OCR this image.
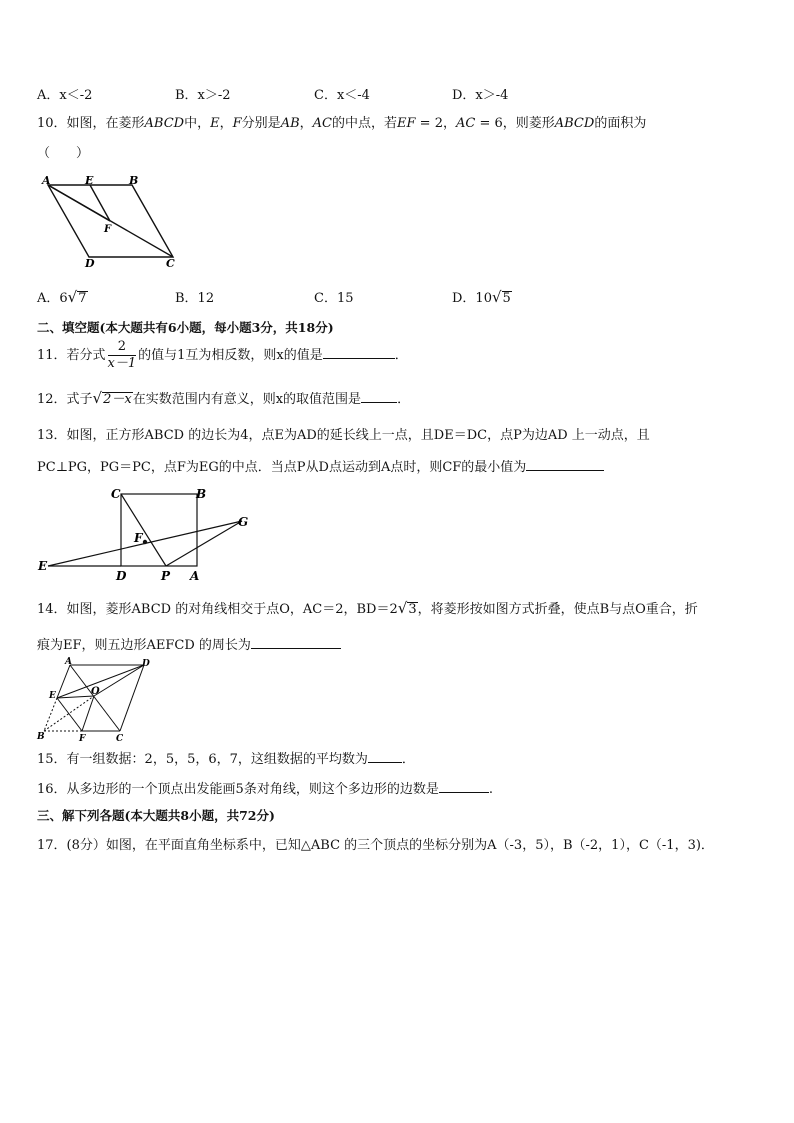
A．x＜-2	B．x＞-2	C．x＜-4	D．x＞-4
10．如图，在菱形ABCD中，E，F分别是AB，AC的中点，若EF = 2，AC = 6，则菱形ABCD的面积为
（　　）
A	E	B
F
D	C
A．6√7	B．12	C．15	D．10√5
二、填空题(本大题共有6小题，每小题3分，共18分)
11．若分式 $\frac{2}{x-1}$ 的值与1互为相反数，则x的值是	．
12．式子√2－x在实数范围内有意义，则x的取值范围是	．
13．如图，正方形ABCD 的边长为4，点E为AD的延长线上一点，且DE＝DC，点P为边AD 上一动点，且
PC⊥PG，PG＝PC，点F为EG的中点．当点P从D点运动到A点时，则CF的最小值为
C	B
G
F
E
D	P A
14．如图，菱形ABCD 的对角线相交于点O，AC＝2，BD＝2√3，将菱形按如图方式折叠，使点B与点O重合，折
痕为EF，则五边形AEFCD 的周长为
A	D
E	O
B	F	C
15．有一组数据：2，5，5，6，7，这组数据的平均数为	．
16．从多边形的一个顶点出发能画5条对角线，则这个多边形的边数是	.
三、解下列各题(本大题共8小题，共72分)
17．(8分）如图，在平面直角坐标系中，已知△ABC 的三个顶点的坐标分别为A（-3，5），B（-2，1），C（-1，3)．
